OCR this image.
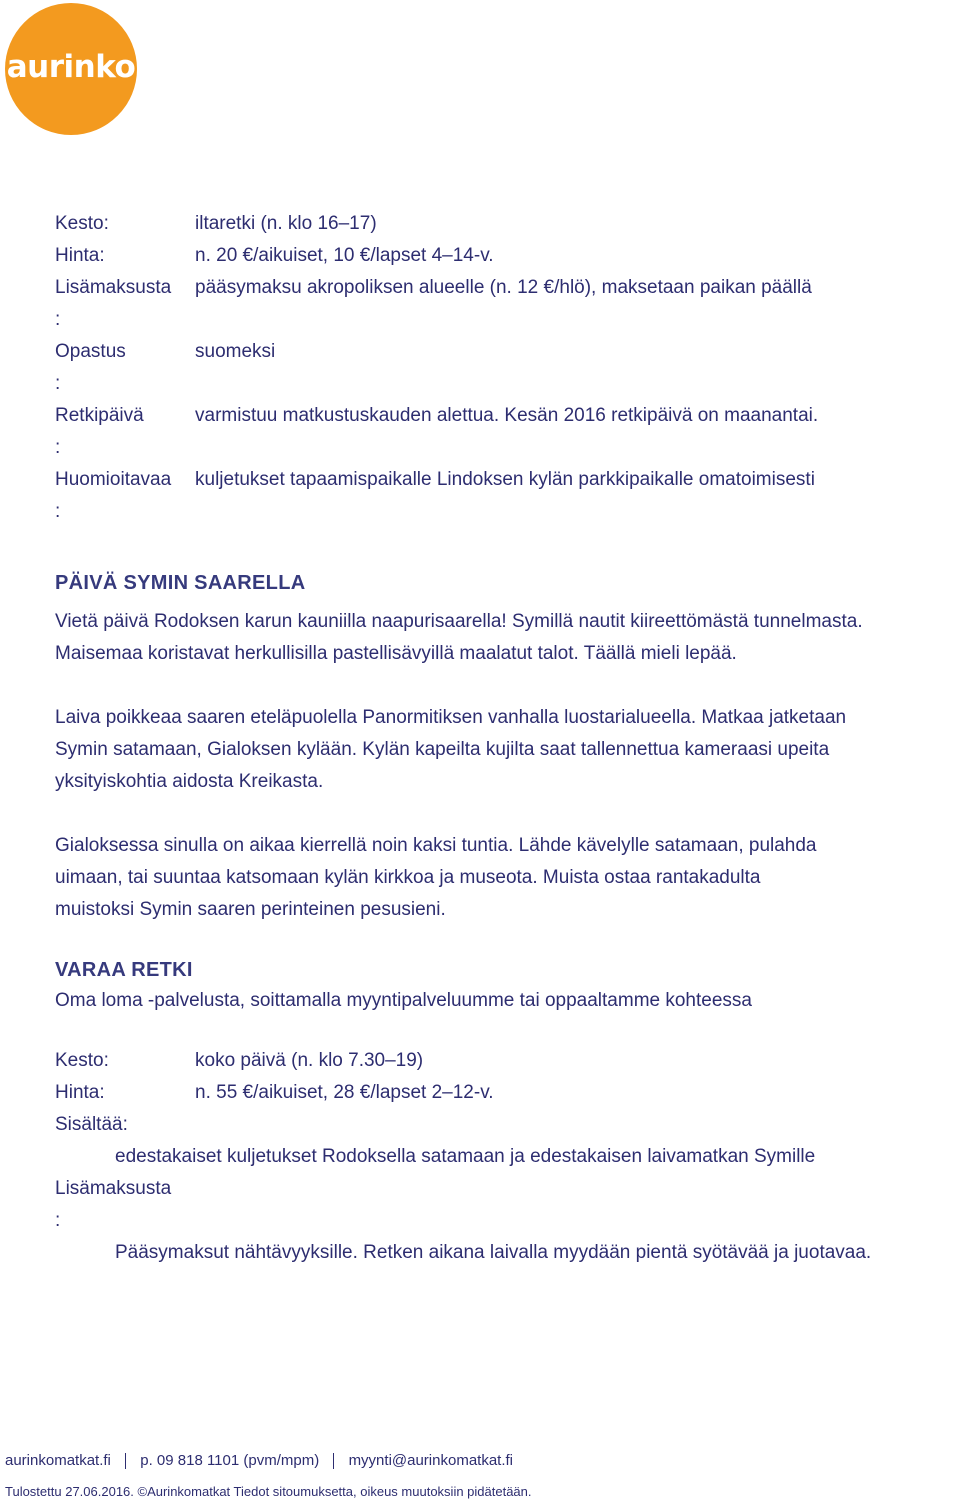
aurinko
Kesto:	iltaretki (n. klo 16–17)
Hinta:	n. 20 €/aikuiset, 10 €/lapset 4–14-v.
Lisämaksusta	pääsymaksu akropoliksen alueelle (n. 12 €/hlö), maksetaan paikan päällä
:
Opastus	suomeksi
:
Retkipäivä	varmistuu matkustuskauden alettua. Kesän 2016 retkipäivä on maanantai.
:
Huomioitavaa	kuljetukset tapaamispaikalle Lindoksen kylän parkkipaikalle omatoimisesti
:
PÄIVÄ SYMIN SAARELLA
Vietä päivä Rodoksen karun kauniilla naapurisaarella! Symillä nautit kiireettömästä tunnelmasta.
Maisemaa koristavat herkullisilla pastellisävyillä maalatut talot. Täällä mieli lepää.
Laiva poikkeaa saaren eteläpuolella Panormitiksen vanhalla luostarialueella. Matkaa jatketaan
Symin satamaan, Gialoksen kylään. Kylän kapeilta kujilta saat tallennettua kameraasi upeita
yksityiskohtia aidosta Kreikasta.
Gialoksessa sinulla on aikaa kierrellä noin kaksi tuntia. Lähde kävelylle satamaan, pulahda
uimaan, tai suuntaa katsomaan kylän kirkkoa ja museota. Muista ostaa rantakadulta
muistoksi Symin saaren perinteinen pesusieni.
VARAA RETKI
Oma loma -palvelusta, soittamalla myyntipalveluumme tai oppaaltamme kohteessa
Kesto:	koko päivä (n. klo 7.30–19)
Hinta:	n. 55 €/aikuiset, 28 €/lapset 2–12-v.
Sisältää:
edestakaiset kuljetukset Rodoksella satamaan ja edestakaisen laivamatkan Symille
Lisämaksusta
:
Pääsymaksut nähtävyyksille. Retken aikana laivalla myydään pientä syötävää ja juotavaa.
aurinkomatkat.fi p. 09 818 1101 (pvm/mpm) myynti@aurinkomatkat.fi
Tulostettu 27.06.2016. ©Aurinkomatkat Tiedot sitoumuksetta, oikeus muutoksiin pidätetään.
